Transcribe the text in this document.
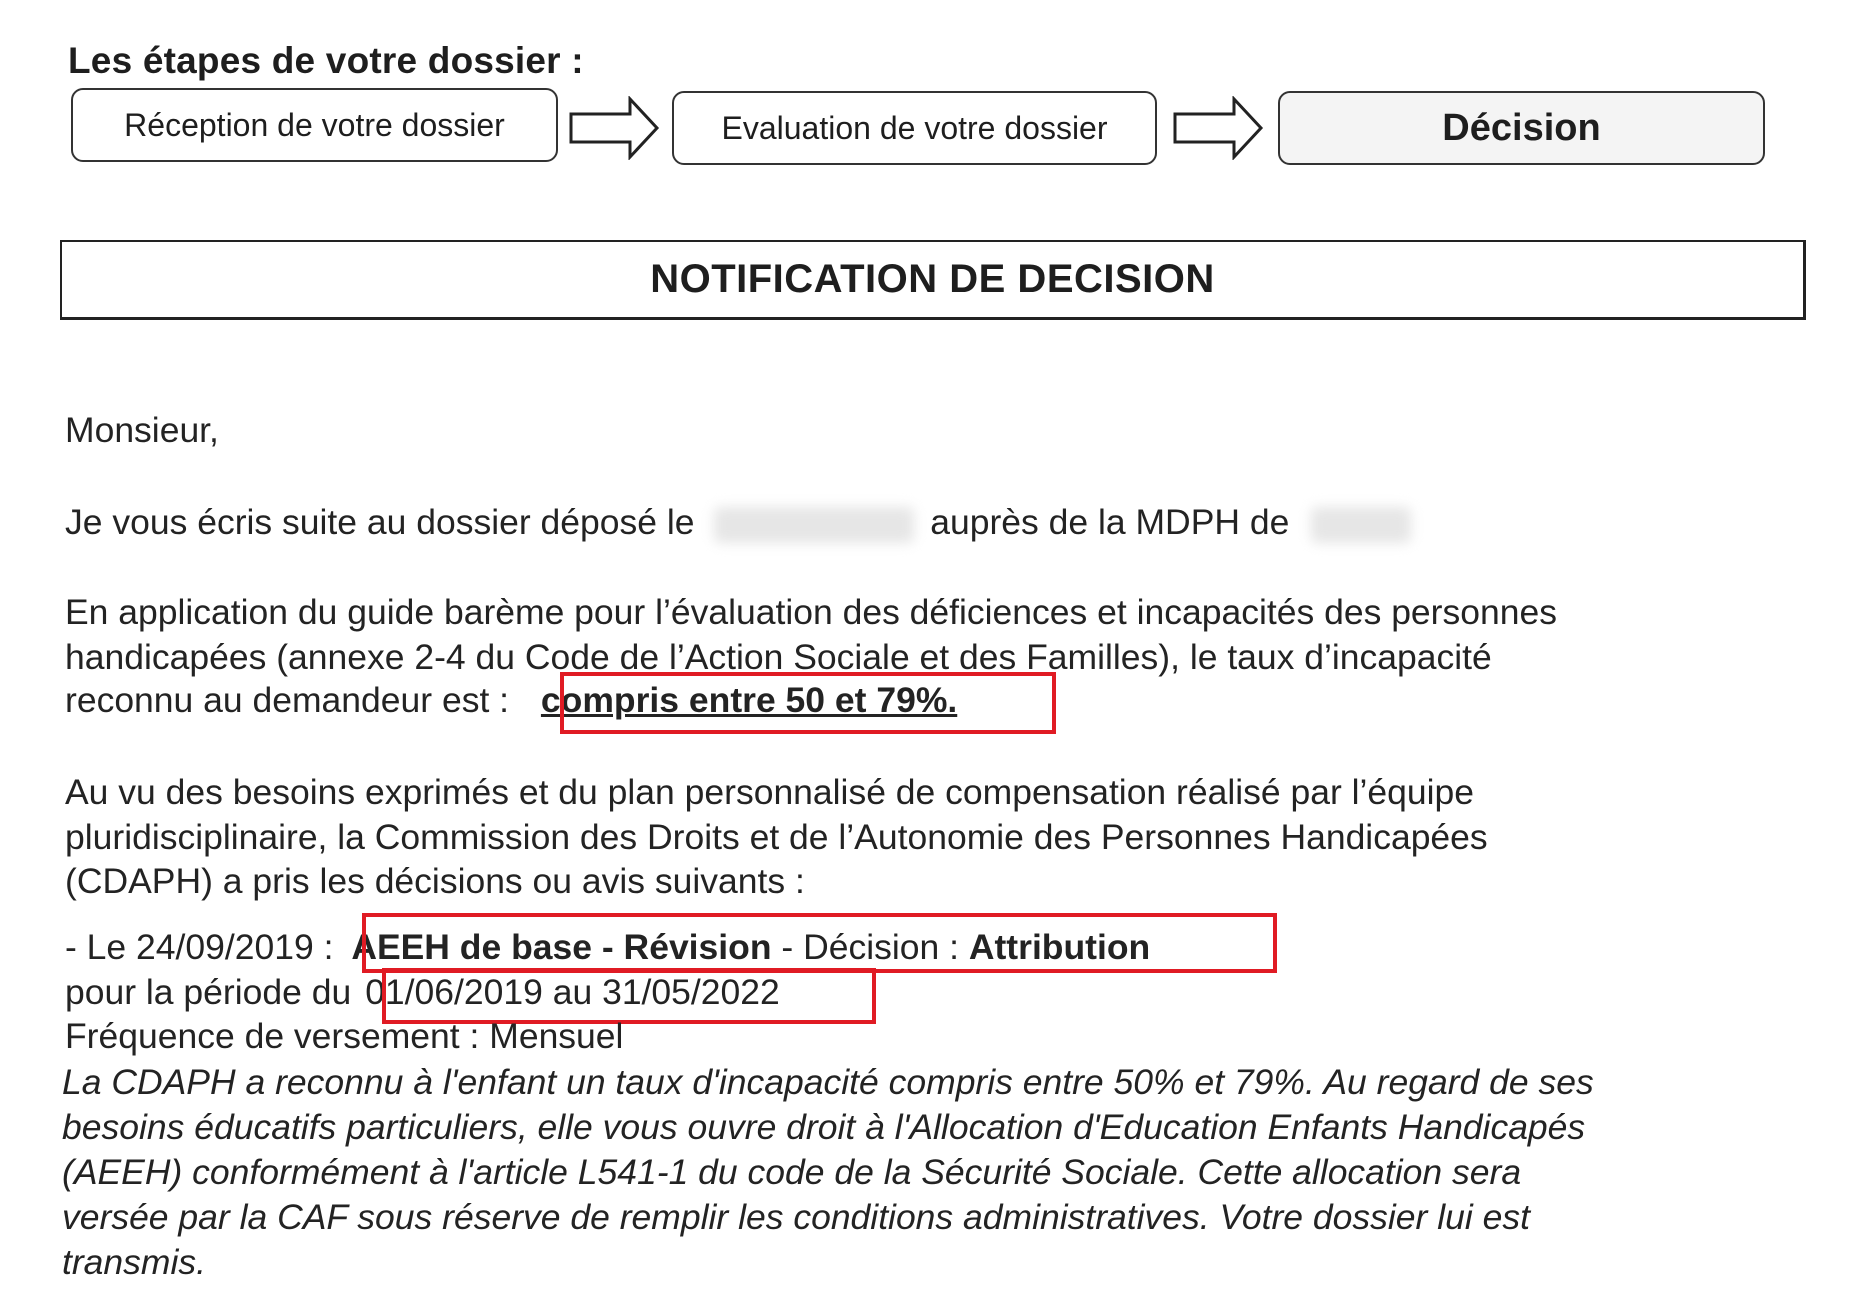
Les étapes de votre dossier :
Réception de votre dossier	Evaluation de votre dossier	Décision
NOTIFICATION DE DECISION
Monsieur,
Je vous écris suite au dossier déposé le	auprès de la MDPH de
En application du guide barème pour l’évaluation des déficiences et incapacités des personnes
handicapées (annexe 2-4 du Code de l’Action Sociale et des Familles), le taux d’incapacité
reconnu au demandeur est : compris entre 50 et 79%.
Au vu des besoins exprimés et du plan personnalisé de compensation réalisé par l’équipe
pluridisciplinaire, la Commission des Droits et de l’Autonomie des Personnes Handicapées
(CDAPH) a pris les décisions ou avis suivants :
- Le 24/09/2019 : AEEH de base - Révision - Décision : Attribution
pour la période du 01/06/2019 au 31/05/2022
Fréquence de versement : Mensuel
La CDAPH a reconnu à l'enfant un taux d'incapacité compris entre 50% et 79%. Au regard de ses
besoins éducatifs particuliers, elle vous ouvre droit à l'Allocation d'Education Enfants Handicapés
(AEEH) conformément à l'article L541-1 du code de la Sécurité Sociale. Cette allocation sera
versée par la CAF sous réserve de remplir les conditions administratives. Votre dossier lui est
transmis.
